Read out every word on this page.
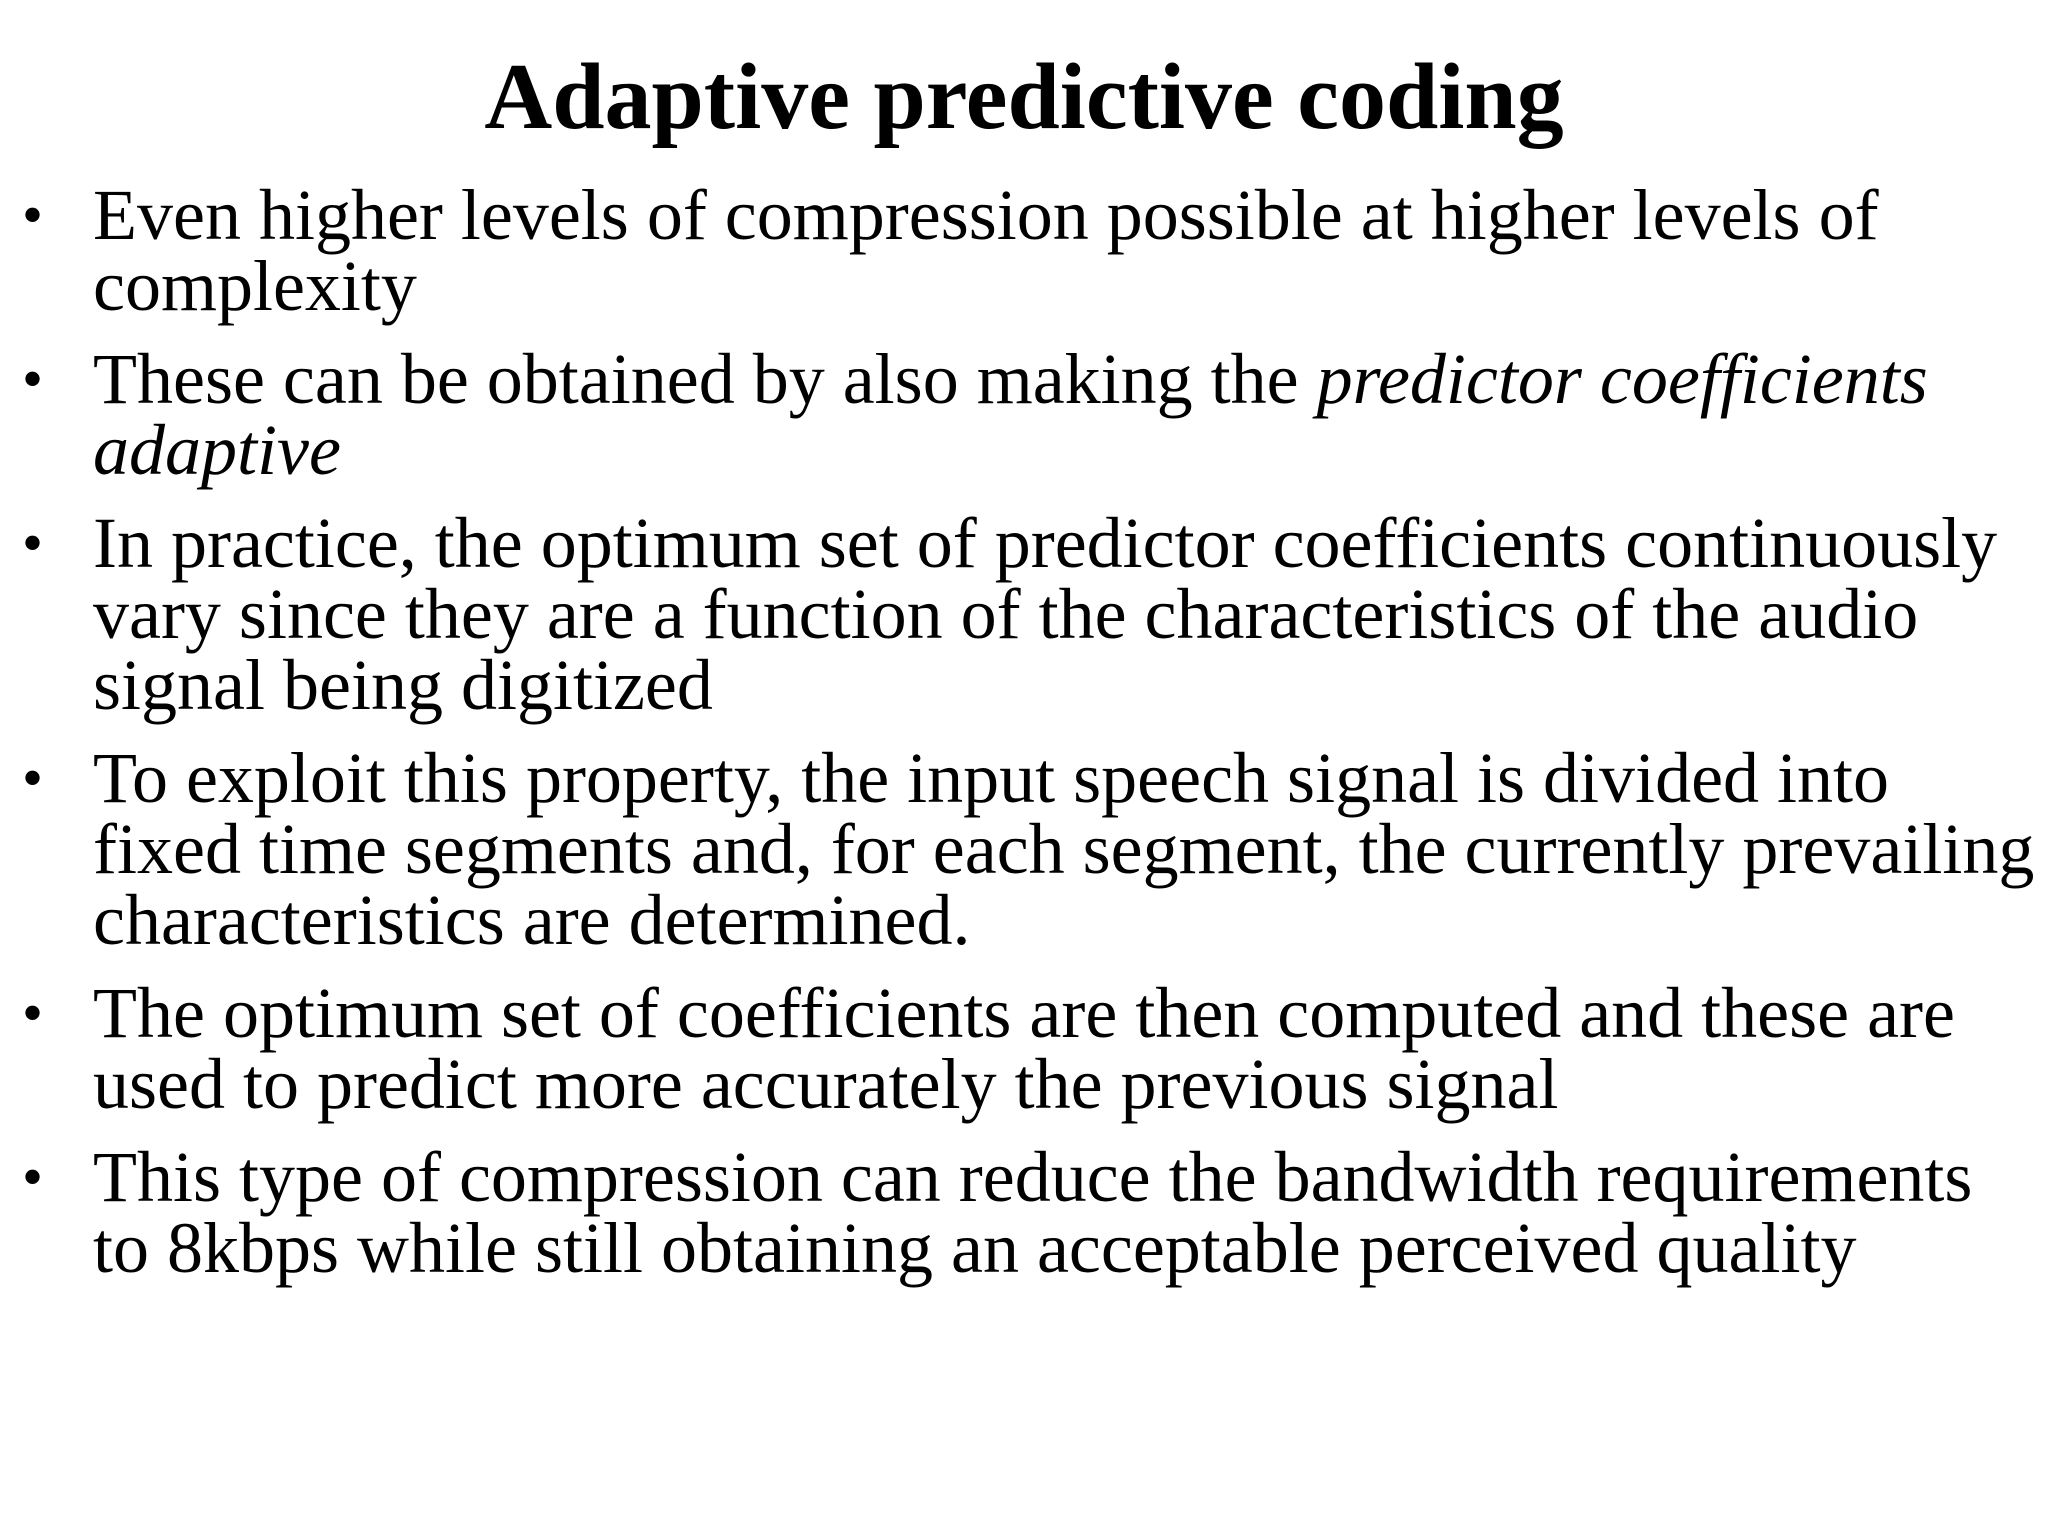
Adaptive predictive coding
• Even higher levels of compression possible at higher levels of complexity
• These can be obtained by also making the predictor coefficients adaptive
• In practice, the optimum set of predictor coefficients continuously vary since they are a function of the characteristics of the audio signal being digitized
• To exploit this property, the input speech signal is divided into fixed time segments and, for each segment, the currently prevailing characteristics are determined.
• The optimum set of coefficients are then computed and these are used to predict more accurately the previous signal
• This type of compression can reduce the bandwidth requirements to 8kbps while still obtaining an acceptable perceived quality
